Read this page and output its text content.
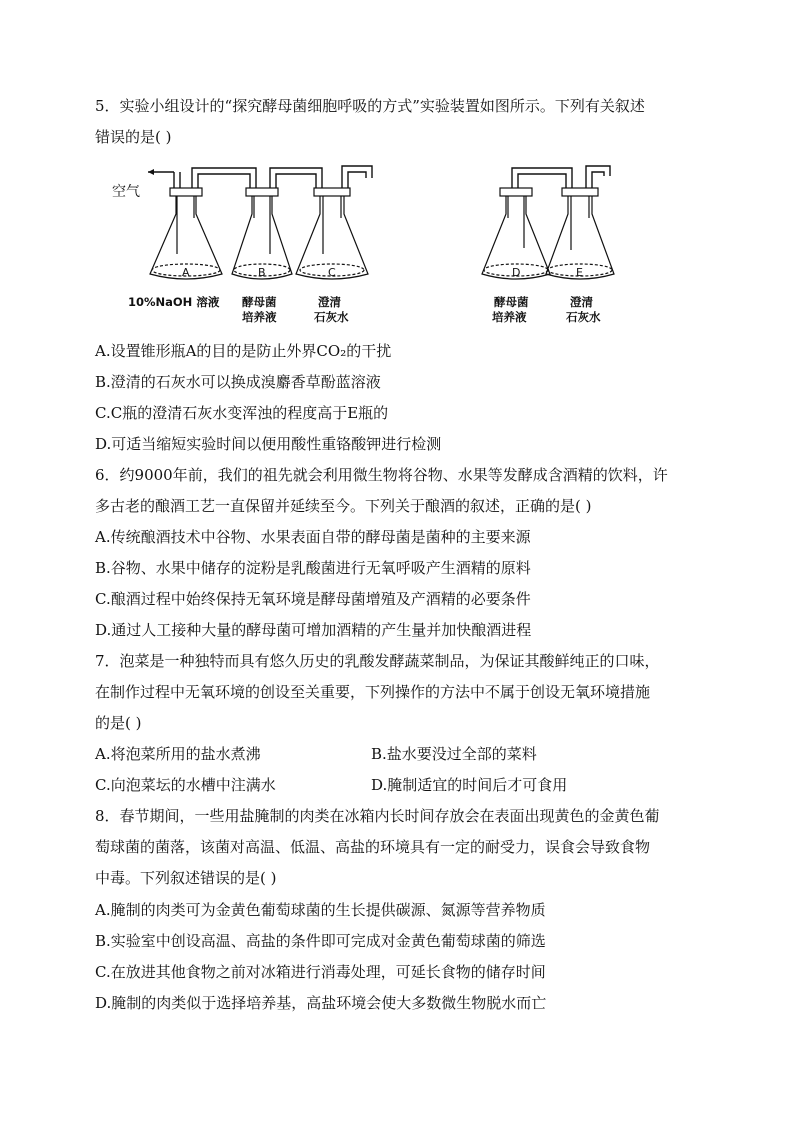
5．实验小组设计的“探究酵母菌细胞呼吸的方式”实验装置如图所示。下列有关叙述
错误的是( )
空气
A	B	C	D	E
10%NaOH 溶液 酵母菌
培养液
澄清
石灰水
酵母菌
培养液
澄清
石灰水
A.设置锥形瓶A的目的是防止外界CO₂的干扰
B.澄清的石灰水可以换成溴麝香草酚蓝溶液
C.C瓶的澄清石灰水变浑浊的程度高于E瓶的
D.可适当缩短实验时间以便用酸性重铬酸钾进行检测
6．约9000年前，我们的祖先就会利用微生物将谷物、水果等发酵成含酒精的饮料，许
多古老的酿酒工艺一直保留并延续至今。下列关于酿酒的叙述，正确的是( )
A.传统酿酒技术中谷物、水果表面自带的酵母菌是菌种的主要来源
B.谷物、水果中储存的淀粉是乳酸菌进行无氧呼吸产生酒精的原料
C.酿酒过程中始终保持无氧环境是酵母菌增殖及产酒精的必要条件
D.通过人工接种大量的酵母菌可增加酒精的产生量并加快酿酒进程
7．泡菜是一种独特而具有悠久历史的乳酸发酵蔬菜制品，为保证其酸鲜纯正的口味，
在制作过程中无氧环境的创设至关重要，下列操作的方法中不属于创设无氧环境措施
的是( )
A.将泡菜所用的盐水煮沸	B.盐水要没过全部的菜料
C.向泡菜坛的水槽中注满水	D.腌制适宜的时间后才可食用
8．春节期间，一些用盐腌制的肉类在冰箱内长时间存放会在表面出现黄色的金黄色葡
萄球菌的菌落，该菌对高温、低温、高盐的环境具有一定的耐受力，误食会导致食物
中毒。下列叙述错误的是( )
A.腌制的肉类可为金黄色葡萄球菌的生长提供碳源、氮源等营养物质
B.实验室中创设高温、高盐的条件即可完成对金黄色葡萄球菌的筛选
C.在放进其他食物之前对冰箱进行消毒处理，可延长食物的储存时间
D.腌制的肉类似于选择培养基，高盐环境会使大多数微生物脱水而亡
